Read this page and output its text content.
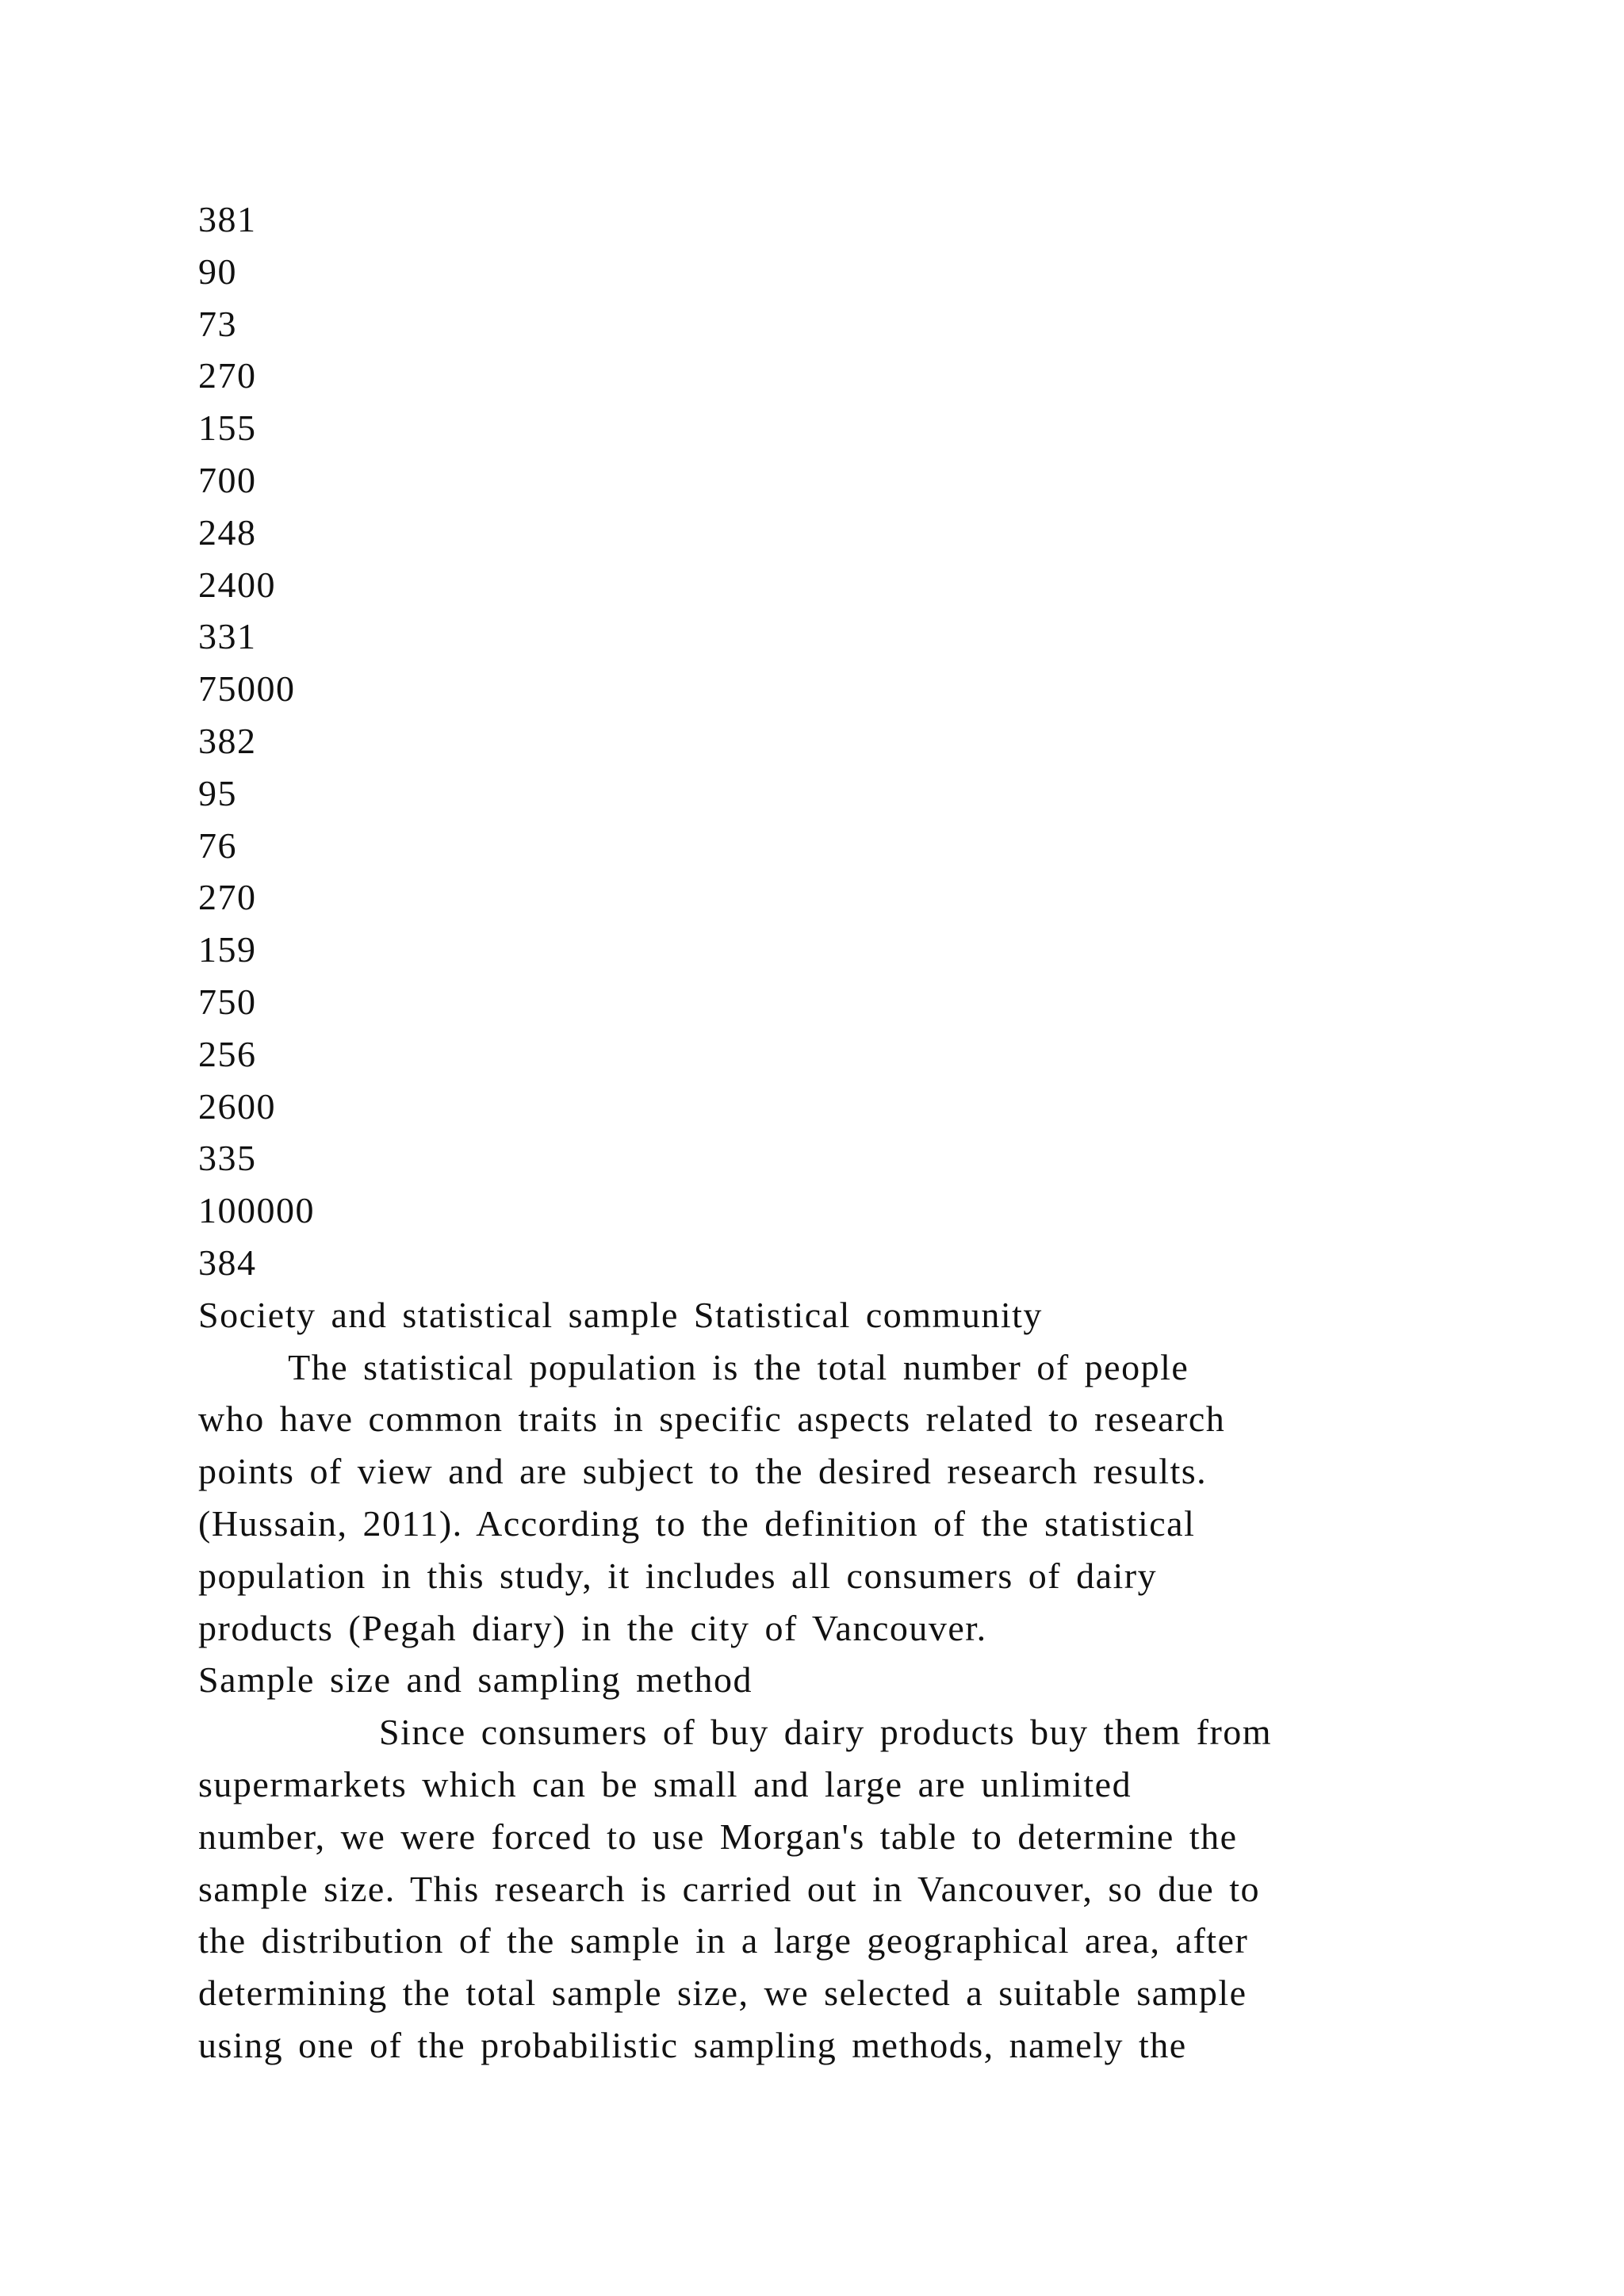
381
90
73
270
155
700
248
2400
331
75000
382
95
76
270
159
750
256
2600
335
100000
384
Society and statistical sample Statistical community
The statistical population is the total number of people
who have common traits in specific aspects related to research
points of view and are subject to the desired research results.
(Hussain, 2011). According to the definition of the statistical
population in this study, it includes all consumers of dairy
products (Pegah diary) in the city of Vancouver.
Sample size and sampling method
Since consumers of buy dairy products buy them from
supermarkets which can be small and large are unlimited
number, we were forced to use Morgan's table to determine the
sample size. This research is carried out in Vancouver, so due to
the distribution of the sample in a large geographical area, after
determining the total sample size, we selected a suitable sample
using one of the probabilistic sampling methods, namely the
